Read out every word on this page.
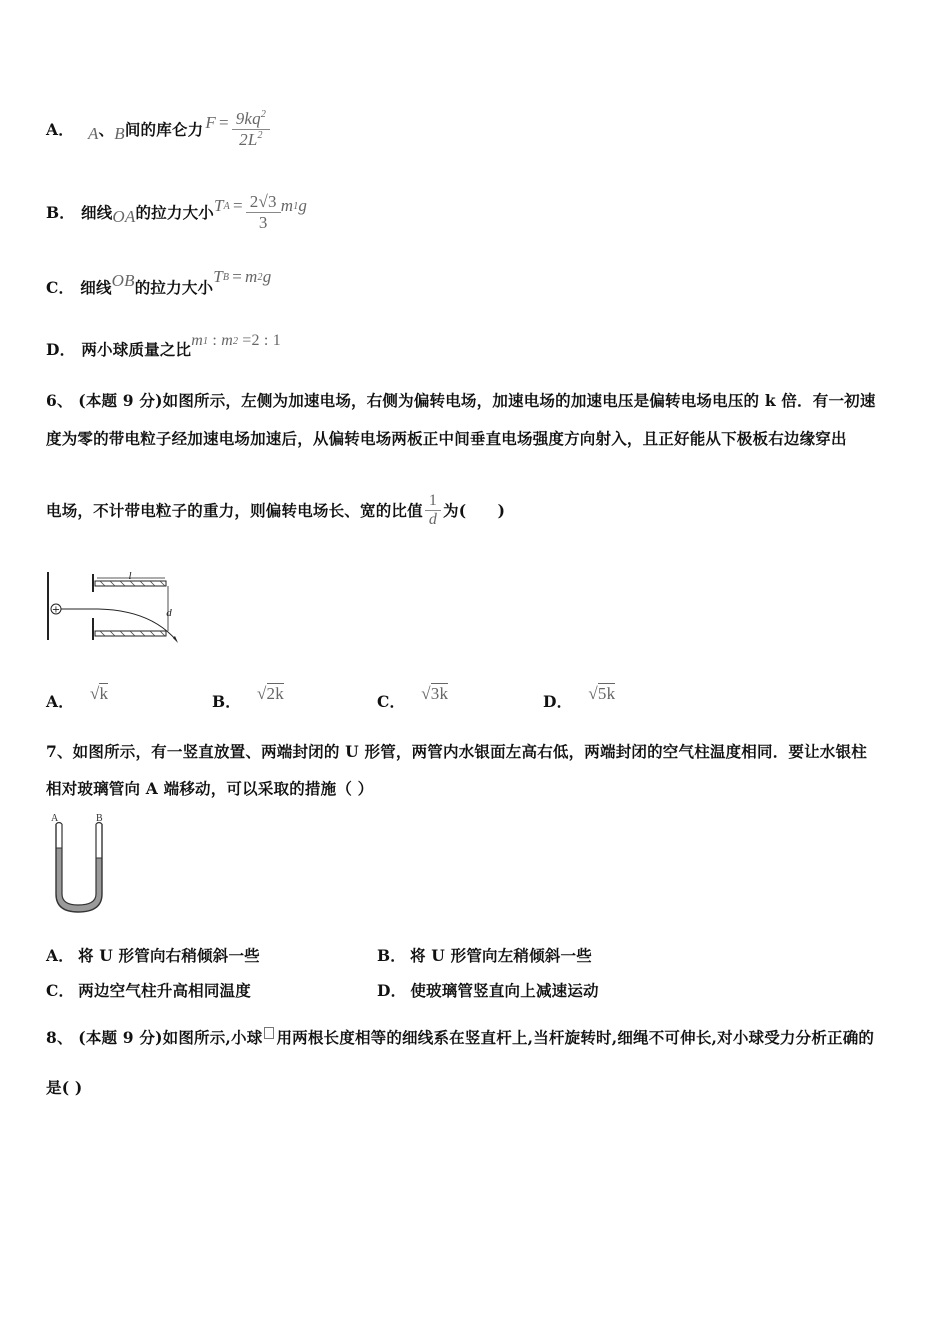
A． A 、 B 间的库仑力 $F = \frac{9kq^2}{2L^2}$
B． 细线 OA 的拉力大小 T $A = \frac{2√3}{3}$ m 1 g
C． 细线 OB 的拉力大小
T B = m 2 g
D． 两小球质量之比 m 1 : m 2 =2 : 1
6、 (本题 9 分)如图所示，左侧为加速电场，右侧为偏转电场，加速电场的加速电压是偏转电场电压的 k 倍．有一初速
度为零的带电粒子经加速电场加速后，从偏转电场两板正中间垂直电场强度方向射入，且正好能从下极板右边缘穿出
电场，不计带电粒子的重力，则偏转电场长、宽的比值 $\frac{1}{d}$ 为(　　)
+
l
d
A． √ k	B． √ 2k	C． √ 3k	D． √ 5k
7、如图所示，有一竖直放置、两端封闭的 U 形管，两管内水银面左高右低，两端封闭的空气柱温度相同．要让水银柱
相对玻璃管向 A 端移动，可以采取的措施（ ）
A	B
A． 将 U 形管向右稍倾斜一些	B． 将 U 形管向左稍倾斜一些
C． 两边空气柱升高相同温度	D． 使玻璃管竖直向上减速运动
8、 (本题 9 分)如图所示,小球 用两根长度相等的细线系在竖直杆上,当杆旋转时,细绳不可伸长,对小球受力分析正确的
是( )
